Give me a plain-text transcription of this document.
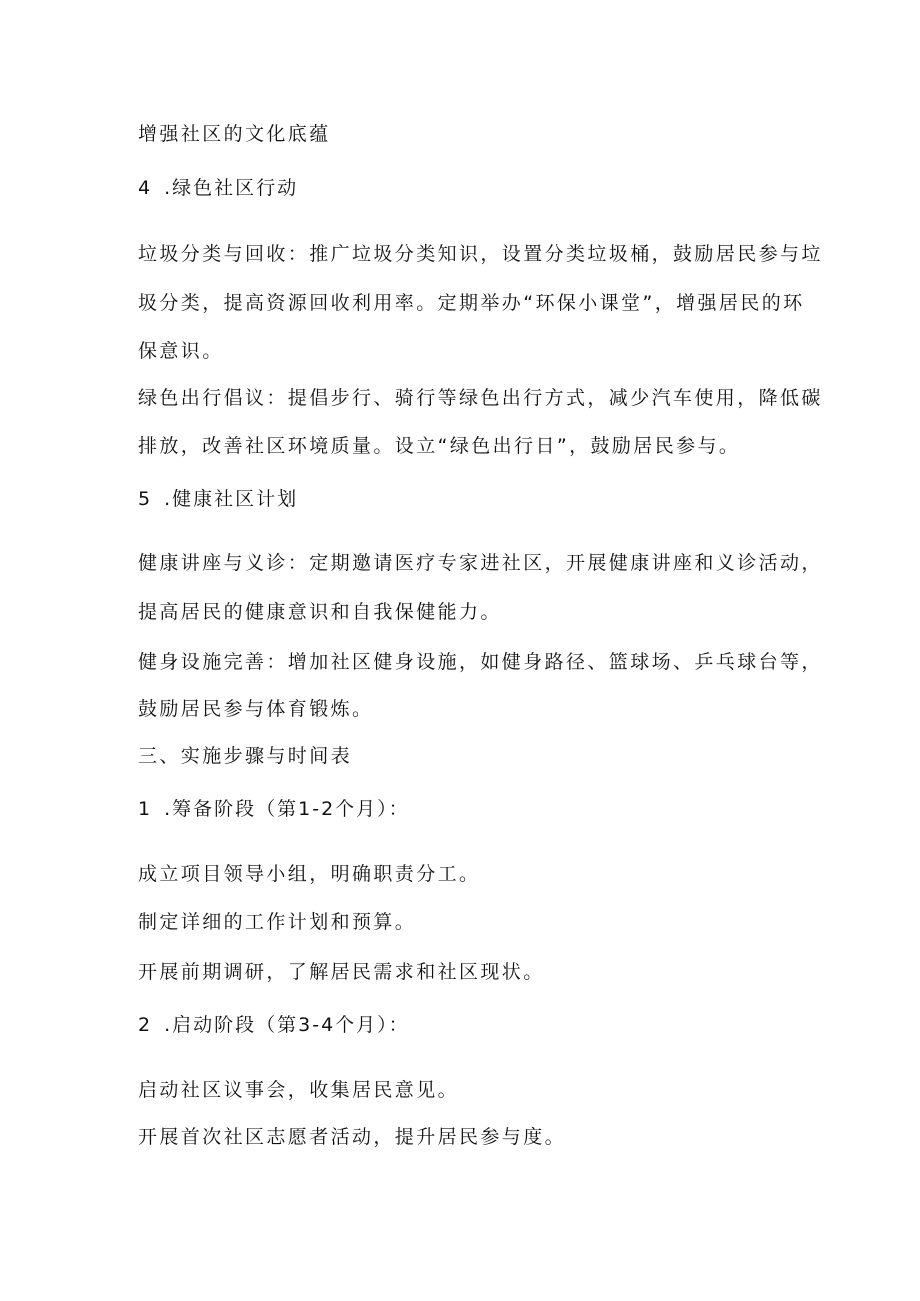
增强社区的文化底蕴

4 .绿色社区行动

垃圾分类与回收：推广垃圾分类知识，设置分类垃圾桶，鼓励居民参与垃

圾分类，提高资源回收利用率。定期举办“环保小课堂”，增强居民的环

保意识。

绿色出行倡议：提倡步行、骑行等绿色出行方式，减少汽车使用，降低碳

排放，改善社区环境质量。设立“绿色出行日”，鼓励居民参与。

5 .健康社区计划

健康讲座与义诊：定期邀请医疗专家进社区，开展健康讲座和义诊活动，

提高居民的健康意识和自我保健能力。

健身设施完善：增加社区健身设施，如健身路径、篮球场、乒乓球台等，

鼓励居民参与体育锻炼。

三、实施步骤与时间表

1 .筹备阶段（第1-2个月）：

成立项目领导小组，明确职责分工。

制定详细的工作计划和预算。

开展前期调研，了解居民需求和社区现状。

2 .启动阶段（第3-4个月）：

启动社区议事会，收集居民意见。

开展首次社区志愿者活动，提升居民参与度。
